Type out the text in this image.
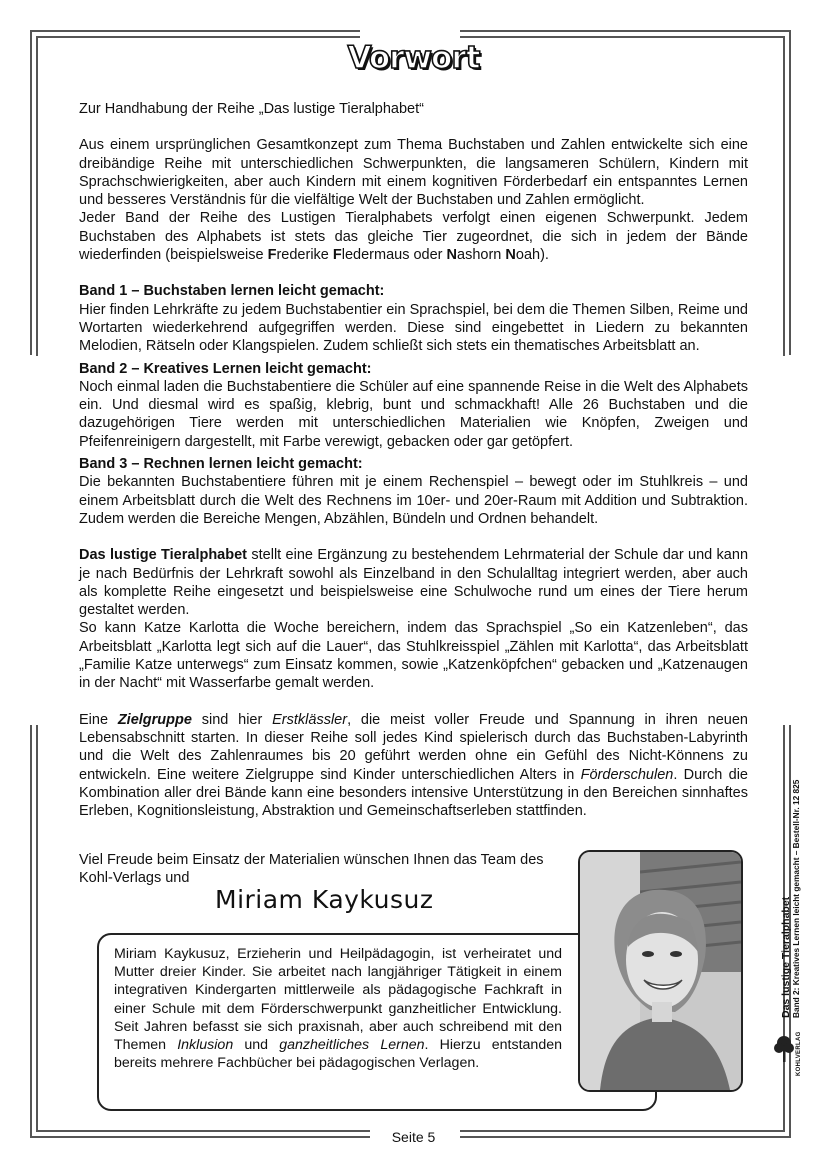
Vorwort

Zur Handhabung der Reihe „Das lustige Tieralphabet“

Aus einem ursprünglichen Gesamtkonzept zum Thema Buchstaben und Zahlen entwickelte sich eine dreibändige Reihe mit unterschiedlichen Schwerpunkten, die langsameren Schülern, Kindern mit Sprachschwierigkeiten, aber auch Kindern mit einem kognitiven Förderbedarf ein entspanntes Lernen und besseres Verständnis für die vielfältige Welt der Buchstaben und Zahlen ermöglicht.
Jeder Band der Reihe des Lustigen Tieralphabets verfolgt einen eigenen Schwerpunkt. Jedem Buchstaben des Alphabets ist stets das gleiche Tier zugeordnet, die sich in jedem der Bände wiederfinden (beispielsweise Frederike Fledermaus oder Nashorn Noah).

Band 1 – Buchstaben lernen leicht gemacht:

Hier finden Lehrkräfte zu jedem Buchstabentier ein Sprachspiel, bei dem die Themen Silben, Reime und Wortarten wiederkehrend aufgegriffen werden. Diese sind eingebettet in Liedern zu bekannten Melodien, Rätseln oder Klangspielen. Zudem schließt sich stets ein thematisches Arbeitsblatt an.

Band 2 – Kreatives Lernen leicht gemacht:

Noch einmal laden die Buchstabentiere die Schüler auf eine spannende Reise in die Welt des Alphabets ein. Und diesmal wird es spaßig, klebrig, bunt und schmackhaft! Alle 26 Buchstaben und die dazugehörigen Tiere werden mit unterschiedlichen Materialien wie Knöpfen, Zweigen und Pfeifenreinigern dargestellt, mit Farbe verewigt, gebacken oder gar getöpfert.

Band 3 – Rechnen lernen leicht gemacht:

Die bekannten Buchstabentiere führen mit je einem Rechenspiel – bewegt oder im Stuhlkreis – und einem Arbeitsblatt durch die Welt des Rechnens im 10er- und 20er-Raum mit Addition und Subtraktion. Zudem werden die Bereiche Mengen, Abzählen, Bündeln und Ordnen behandelt.

Das lustige Tieralphabet stellt eine Ergänzung zu bestehendem Lehrmaterial der Schule dar und kann je nach Bedürfnis der Lehrkraft sowohl als Einzelband in den Schulalltag integriert werden, aber auch als komplette Reihe eingesetzt und beispielsweise eine Schulwoche rund um eines der Tiere herum gestaltet werden.
So kann Katze Karlotta die Woche bereichern, indem das Sprachspiel „So ein Katzenleben“, das Arbeitsblatt „Karlotta legt sich auf die Lauer“, das Stuhlkreisspiel „Zählen mit Karlotta“, das Arbeitsblatt „Familie Katze unterwegs“ zum Einsatz kommen, sowie „Katzenköpfchen“ gebacken und „Katzenaugen in der Nacht“ mit Wasserfarbe gemalt werden.

Eine Zielgruppe sind hier Erstklässler, die meist voller Freude und Spannung in ihren neuen Lebensabschnitt starten. In dieser Reihe soll jedes Kind spielerisch durch das Buchstaben-Labyrinth und die Welt des Zahlenraumes bis 20 geführt werden ohne ein Gefühl des Nicht-Könnens zu entwickeln. Eine weitere Zielgruppe sind Kinder unterschiedlichen Alters in Förderschulen. Durch die Kombination aller drei Bände kann eine besonders intensive Unterstützung in den Bereichen sinnhaftes Erleben, Kognitionsleistung, Abstraktion und Gemeinschaftserleben stattfinden.

Viel Freude beim Einsatz der Materialien wünschen Ihnen das Team des Kohl-Verlags und
Miriam Kaykusuz
Miriam Kaykusuz, Erzieherin und Heilpädagogin, ist verheiratet und Mutter dreier Kinder. Sie arbeitet nach langjähriger Tätigkeit in einem integrativen Kindergarten mittlerweile als pädagogische Fachkraft in einer Schule mit dem Förderschwerpunkt ganzheitlicher Entwicklung. Seit Jahren befasst sie sich praxisnah, aber auch schreibend mit den Themen Inklusion und ganzheitliches Lernen. Hierzu entstanden bereits mehrere Fachbücher bei pädagogischen Verlagen.
Das lustige Tieralphabet Band 2: Kreatives Lernen leicht gemacht – Bestell-Nr. 12 825
KOHLVERLAG
Seite 5
